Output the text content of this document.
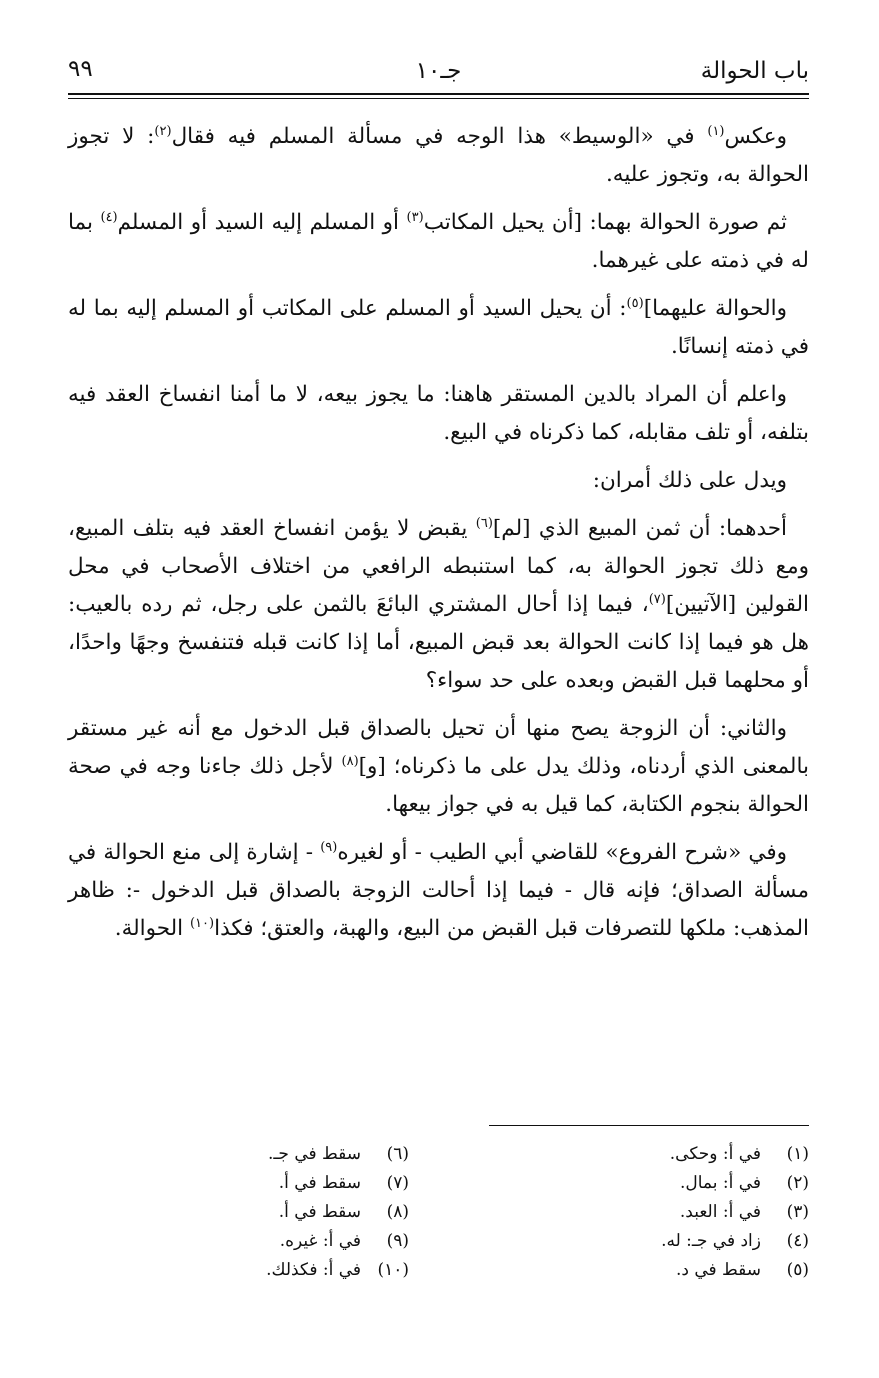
باب الحوالة
جـ١٠
٩٩

وعكس$^{(١)}$ في «الوسيط» هذا الوجه في مسألة المسلم فيه فقال$^{(٢)}$: لا تجوز الحوالة به، وتجوز عليه.

ثم صورة الحوالة بهما: [أن يحيل المكاتب$^{(٣)}$ أو المسلم إليه السيد أو المسلم$^{(٤)}$ بما له في ذمته على غيرهما.

والحوالة عليهما]$^{(٥)}$: أن يحيل السيد أو المسلم على المكاتب أو المسلم إليه بما له في ذمته إنسانًا.

واعلم أن المراد بالدين المستقر هاهنا: ما يجوز بيعه، لا ما أمنا انفساخ العقد فيه بتلفه، أو تلف مقابله، كما ذكرناه في البيع.

ويدل على ذلك أمران:

أحدهما: أن ثمن المبيع الذي [لم]$^{(٦)}$ يقبض لا يؤمن انفساخ العقد فيه بتلف المبيع، ومع ذلك تجوز الحوالة به، كما استنبطه الرافعي من اختلاف الأصحاب في محل القولين [الآتيين]$^{(٧)}$، فيما إذا أحال المشتري البائعَ بالثمن على رجل، ثم رده بالعيب: هل هو فيما إذا كانت الحوالة بعد قبض المبيع، أما إذا كانت قبله فتنفسخ وجهًا واحدًا، أو محلهما قبل القبض وبعده على حد سواء؟

والثاني: أن الزوجة يصح منها أن تحيل بالصداق قبل الدخول مع أنه غير مستقر بالمعنى الذي أردناه، وذلك يدل على ما ذكرناه؛ [و]$^{(٨)}$ لأجل ذلك جاءنا وجه في صحة الحوالة بنجوم الكتابة، كما قيل به في جواز بيعها.

وفي «شرح الفروع» للقاضي أبي الطيب - أو لغيره$^{(٩)}$ - إشارة إلى منع الحوالة في مسألة الصداق؛ فإنه قال - فيما إذا أحالت الزوجة بالصداق قبل الدخول -: ظاهر المذهب: ملكها للتصرفات قبل القبض من البيع، والهبة، والعتق؛ فكذا$^{(١٠)}$ الحوالة.

(١)في أ: وحكى.
(٢)في أ: بمال.
(٣)في أ: العبد.
(٤)زاد في جـ: له.
(٥)سقط في د.
(٦)سقط في جـ.
(٧)سقط في أ.
(٨)سقط في أ.
(٩)في أ: غيره.
(١٠)في أ: فكذلك.
